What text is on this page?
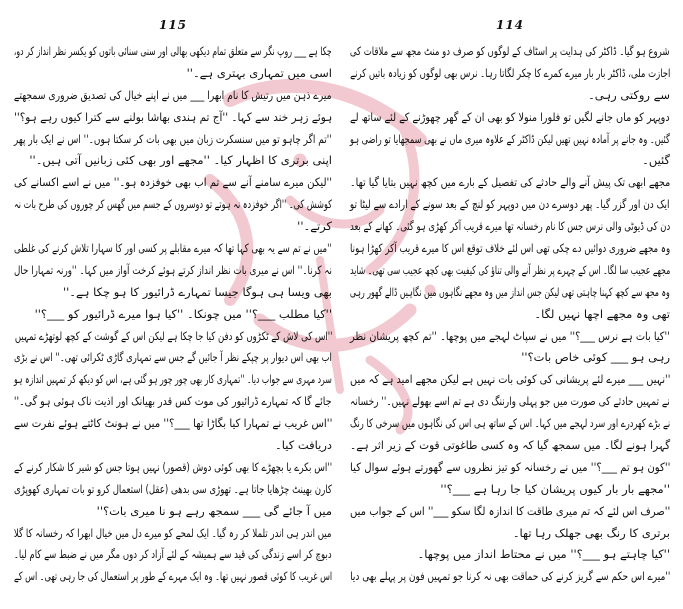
115
چکا ہے ___ روپ نگر سے متعلق تمام دیکھی بھالی اور سنی سنائی باتوں کو یکسر نظر انداز کر دو،
اسی میں تمہاری بہتری ہے۔''
میرے ذہن میں رتیش کا نام ابھرا ___ میں نے اپنے خیال کی تصدیق ضروری سمجھتے
ہوئے زہر خند سے کہا۔ ''آج تم ہندی بھاشا بولنے سے کترا کیوں رہے ہو؟''
''تم اگر چاہو تو میں سنسکرت زبان میں بھی بات کر سکتا ہوں۔'' اس نے ایک بار پھر
اپنی برتری کا اظہار کیا۔ ''مجھے اور بھی کئی زبانیں آتی ہیں۔''
''لیکن میرے سامنے آنے سے تم اب بھی خوفزدہ ہو۔'' میں نے اسے اکسانے کی
کوشش کی۔ ''اگر خوفزدہ نہ ہوتے تو دوسروں کے جسم میں گھس کر چوروں کی طرح بات نہ
کرتے۔''
''میں نے تم سے یہ بھی کہا تھا کہ میرے مقابلے پر کسی اور کا سہارا تلاش کرنے کی غلطی
نہ کرنا۔'' اس نے میری بات نظر انداز کرتے ہوئے کرخت آواز میں کہا۔ ''ورنہ تمہارا حال
بھی ویسا ہی ہوگا جیسا تمہارے ڈرائیور کا ہو چکا ہے۔''
''کیا مطلب ___؟'' میں چونکا۔ ''کیا ہوا میرے ڈرائیور کو ___؟''
''اس کی لاش کے ٹکڑوں کو دفن کیا جا چکا ہے لیکن اس کے گوشت کے کچھ لوتھڑے تمہیں
اب بھی اس دیوار پر چپکے نظر آ جائیں گے جس سے تمہاری گاڑی ٹکرائی تھی۔'' اس نے بڑی
سرد مہری سے جواب دیا۔ ''تمہاری کار بھی چور چور ہو گئی ہے، اس کو دیکھ کر تمہیں اندازہ ہو
جائے گا کہ تمہارے ڈرائیور کی موت کس قدر بھیانک اور اذیت ناک ہوئی ہو گی۔''
''اس غریب نے تمہارا کیا بگاڑا تھا ___؟'' میں نے ہونٹ کاٹتے ہوئے نفرت سے
دریافت کیا۔
''اس بکرے یا بچھڑے کا بھی کوئی دوش (قصور) نہیں ہوتا جس کو شیر کا شکار کرنے کے
کارن بھینٹ چڑھایا جاتا ہے۔ تھوڑی سی بدھی (عقل) استعمال کرو تو بات تمہاری کھوپڑی
میں آ جائے گی ___ سمجھ رہے ہو نا میری بات؟''
میں اندر ہی اندر تلملا کر رہ گیا۔ ایک لمحے کو میرے دل میں خیال ابھرا کہ رخسانہ کا گلا
دبوچ کر اسے زندگی کی قید سے ہمیشہ کے لئے آزاد کر دوں مگر میں نے ضبط سے کام لیا۔
اس غریب کا کوئی قصور نہیں تھا۔ وہ ایک مہرے کے طور پر استعمال کی جا رہی تھی۔ اس کے
114
شروع ہو گیا۔ ڈاکٹر کی ہدایت پر اسٹاف کے لوگوں کو صرف دو منٹ مجھ سے ملاقات کی
اجازت ملی، ڈاکٹر بار بار میرے کمرے کا چکر لگاتا رہا۔ نرس بھی لوگوں کو زیادہ باتیں کرنے
سے روکتی رہی۔
دوپہر کو ماں جانے لگیں تو فلورا منولا کو بھی ان کے گھر چھوڑنے کے لئے ساتھ لے
گئیں۔ وہ جانے پر آمادہ نہیں تھیں لیکن ڈاکٹر کے علاوہ میری ماں نے بھی سمجھایا تو راضی ہو
گئیں۔
مجھے ابھی تک پیش آنے والے حادثے کی تفصیل کے بارے میں کچھ نہیں بتایا گیا تھا۔
ایک دن اور گزر گیا۔ پھر دوسرے دن میں دوپہر کو لنچ کے بعد سونے کے ارادے سے لیٹا تو
دن کی ڈیوٹی والی نرس جس کا نام رخسانہ تھا میرے قریب آکر کھڑی ہو گئی۔ کھانے کے بعد
وہ مجھے ضروری دوائیں دے چکی تھی اس لئے خلاف توقع اس کا میرے قریب آکر کھڑا ہونا
مجھے عجیب سا لگا۔ اس کے چہرے پر نظر آنے والی تناؤ کی کیفیت بھی کچھ عجیب سی تھی۔ شاید
وہ مجھ سے کچھ کہنا چاہتی تھی لیکن جس انداز میں وہ مجھے نگاہوں میں نگاہیں ڈالے گھور رہی
تھی وہ مجھے اچھا نہیں لگا۔
''کیا بات ہے نرس ___؟'' میں نے سپاٹ لہجے میں پوچھا۔ ''تم کچھ پریشان نظر
رہی ہو ___ کوئی خاص بات؟''
''نہیں ___ میرے لئے پریشانی کی کوئی بات نہیں ہے لیکن مجھے امید ہے کہ میں
نے تمہیں حادثے کی صورت میں جو پہلی وارننگ دی ہے تم اسے بھولے نہیں۔'' رخسانہ
نے بڑے کھردرے اور سرد لہجے میں کہا۔ اس کے ساتھ ہی اس کی نگاہوں میں سرخی کا رنگ
گہرا ہونے لگا۔ میں سمجھ گیا کہ وہ کسی طاغوتی قوت کے زیر اثر ہے۔
''کون ہو تم ___؟'' میں نے رخسانہ کو تیز نظروں سے گھورتے ہوئے سوال کیا
''مجھے بار بار کیوں پریشان کیا جا رہا ہے ___؟''
''صرف اس لئے کہ تم میری طاقت کا اندازہ لگا سکو ___'' اس کے جواب میں
برتری کا رنگ بھی جھلک رہا تھا۔
''کیا چاہتے ہو ___؟'' میں نے محتاط انداز میں پوچھا۔
''میرے اس حکم سے گریز کرنے کی حماقت بھی نہ کرنا جو تمہیں فون پر پہلے بھی دیا
